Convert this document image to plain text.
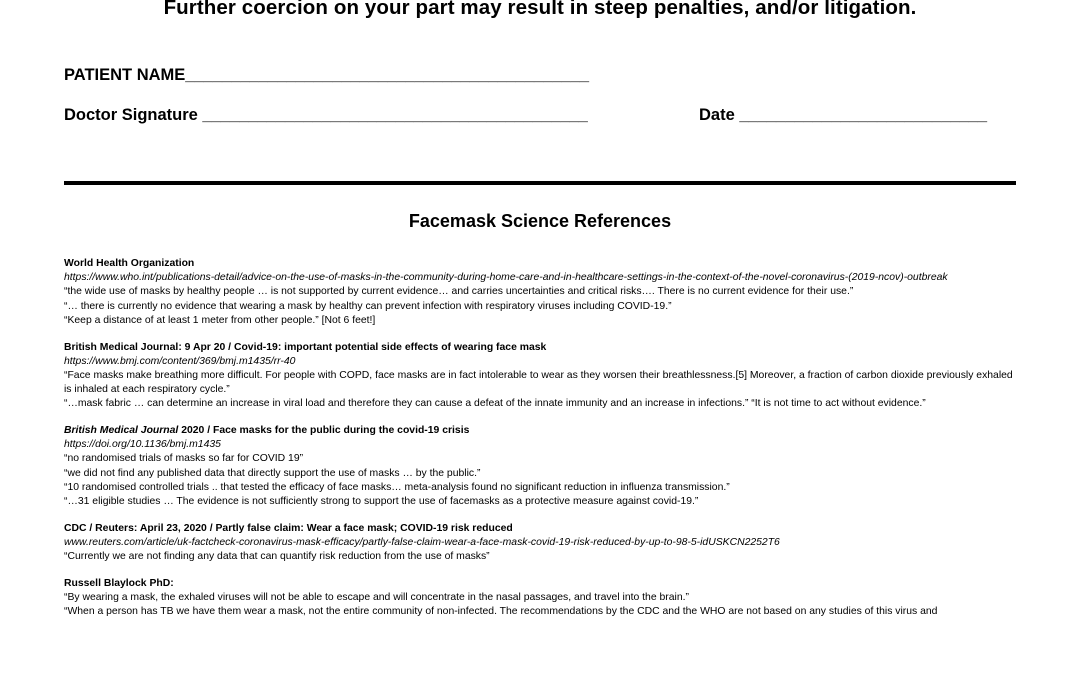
Further coercion on your part may result in steep penalties, and/or litigation.
PATIENT NAME____________________________________________
Doctor Signature __________________________________________	Date ___________________________
Facemask Science References
World Health Organization
https://www.who.int/publications-detail/advice-on-the-use-of-masks-in-the-community-during-home-care-and-in-healthcare-settings-in-the-context-of-the-novel-coronavirus-(2019-ncov)-outbreak

“the wide use of masks by healthy people … is not supported by current evidence… and carries uncertainties and critical risks…. There is no current evidence for their use.”

“… there is currently no evidence that wearing a mask by healthy can prevent infection with respiratory viruses including COVID-19.”

“Keep a distance of at least 1 meter from other people.” [Not 6 feet!]

British Medical Journal: 9 Apr 20 / Covid-19: important potential side effects of wearing face mask
https://www.bmj.com/content/369/bmj.m1435/rr-40

“Face masks make breathing more difficult. For people with COPD, face masks are in fact intolerable to wear as they worsen their breathlessness.[5] Moreover, a fraction of carbon dioxide previously exhaled is inhaled at each respiratory cycle.”

“…mask fabric … can determine an increase in viral load and therefore they can cause a defeat of the innate immunity and an increase in infections.” “It is not time to act without evidence.”

British Medical Journal 2020 / Face masks for the public during the covid-19 crisis
https://doi.org/10.1136/bmj.m1435

“no randomised trials of masks so far for COVID 19”

“we did not find any published data that directly support the use of masks … by the public.”

“10 randomised controlled trials .. that tested the efficacy of face masks… meta-analysis found no significant reduction in influenza transmission.”

“…31 eligible studies … The evidence is not sufficiently strong to support the use of facemasks as a protective measure against covid-19.”

CDC / Reuters: April 23, 2020 / Partly false claim: Wear a face mask; COVID-19 risk reduced
www.reuters.com/article/uk-factcheck-coronavirus-mask-efficacy/partly-false-claim-wear-a-face-mask-covid-19-risk-reduced-by-up-to-98-5-idUSKCN2252T6

“Currently we are not finding any data that can quantify risk reduction from the use of masks”

Russell Blaylock PhD:

“By wearing a mask, the exhaled viruses will not be able to escape and will concentrate in the nasal passages, and travel into the brain.”

“When a person has TB we have them wear a mask, not the entire community of non-infected. The recommendations by the CDC and the WHO are not based on any studies of this virus and
